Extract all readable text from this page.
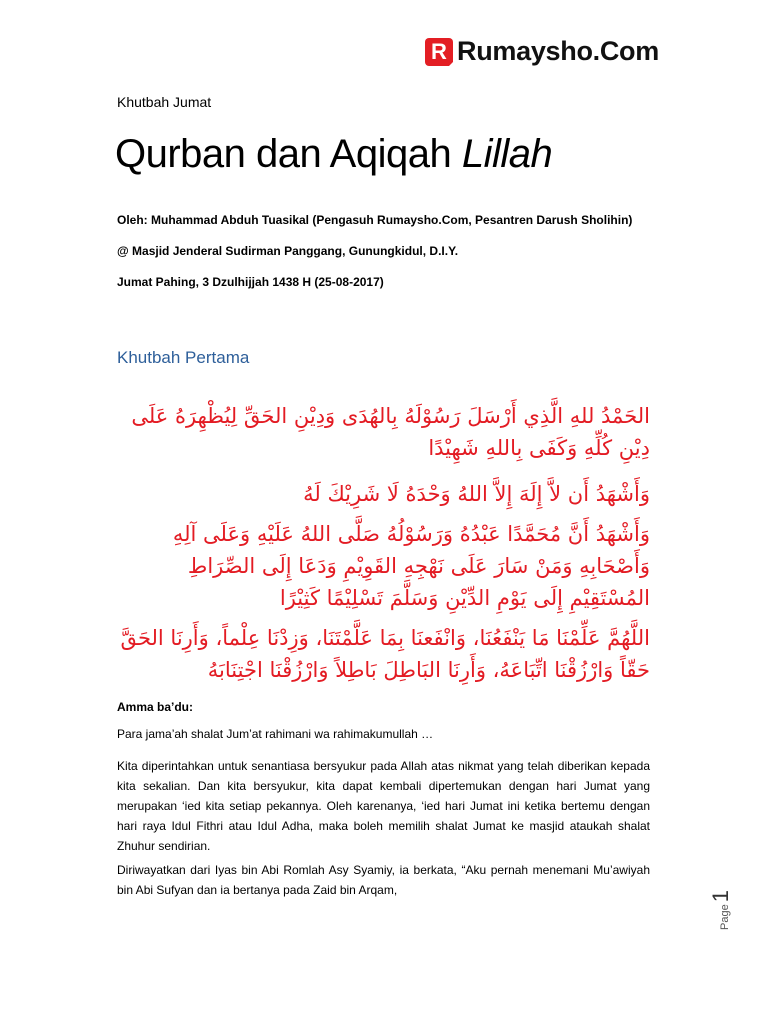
R Rumaysho.Com
Khutbah Jumat
Qurban dan Aqiqah Lillah
Oleh: Muhammad Abduh Tuasikal (Pengasuh Rumaysho.Com, Pesantren Darush Sholihin)
@ Masjid Jenderal Sudirman Panggang, Gunungkidul, D.I.Y.
Jumat Pahing, 3 Dzulhijjah 1438 H (25-08-2017)
Khutbah Pertama
الحَمْدُ للهِ الَّذِي أَرْسَلَ رَسُوْلَهُ بِالهُدَى وَدِيْنِ الحَقِّ لِيُظْهِرَهُ عَلَى دِيْنِ كُلِّهِ وَكَفَى بِاللهِ شَهِيْدًا
وَأَشْهَدُ أَن لاَّ إِلَهَ إِلاَّ اللهُ وَحْدَهُ لَا شَرِيْكَ لَهُ
وَأَشْهَدُ أَنَّ مُحَمَّدًا عَبْدُهُ وَرَسُوْلُهُ صَلَّى اللهُ عَلَيْهِ وَعَلَى آلِهِ وَأَصْحَابِهِ وَمَنْ سَارَ عَلَى نَهْجِهِ القَوِيْمِ وَدَعَا إِلَى الصِّرَاطِ المُسْتَقِيْمِ إِلَى يَوْمِ الدِّيْنِ وَسَلَّمَ تَسْلِيْمًا كَثِيْرًا
اللَّهُمَّ عَلِّمْنَا مَا يَنْفَعُنَا، وَانْفَعنَا بِمَا عَلَّمْتَنَا، وَزِدْنَا عِلْماً، وَأَرِنَا الحَقَّ حَقّاً وَارْزُقْنَا اتِّبَاعَهُ، وَأَرِنَا البَاطِلَ بَاطِلاً وَارْزُقْنَا اجْتِنَابَهُ
Amma ba’du:
Para jama’ah shalat Jum’at rahimani wa rahimakumullah …
Kita diperintahkan untuk senantiasa bersyukur pada Allah atas nikmat yang telah diberikan kepada kita sekalian. Dan kita bersyukur, kita dapat kembali dipertemukan dengan hari Jumat yang merupakan ‘ied kita setiap pekannya. Oleh karenanya, ‘ied hari Jumat ini ketika bertemu dengan hari raya Idul Fithri atau Idul Adha, maka boleh memilih shalat Jumat ke masjid ataukah shalat Zhuhur sendirian.
Diriwayatkan dari Iyas bin Abi Romlah Asy Syamiy, ia berkata, “Aku pernah menemani Mu’awiyah bin Abi Sufyan dan ia bertanya pada Zaid bin Arqam,
Page
1
